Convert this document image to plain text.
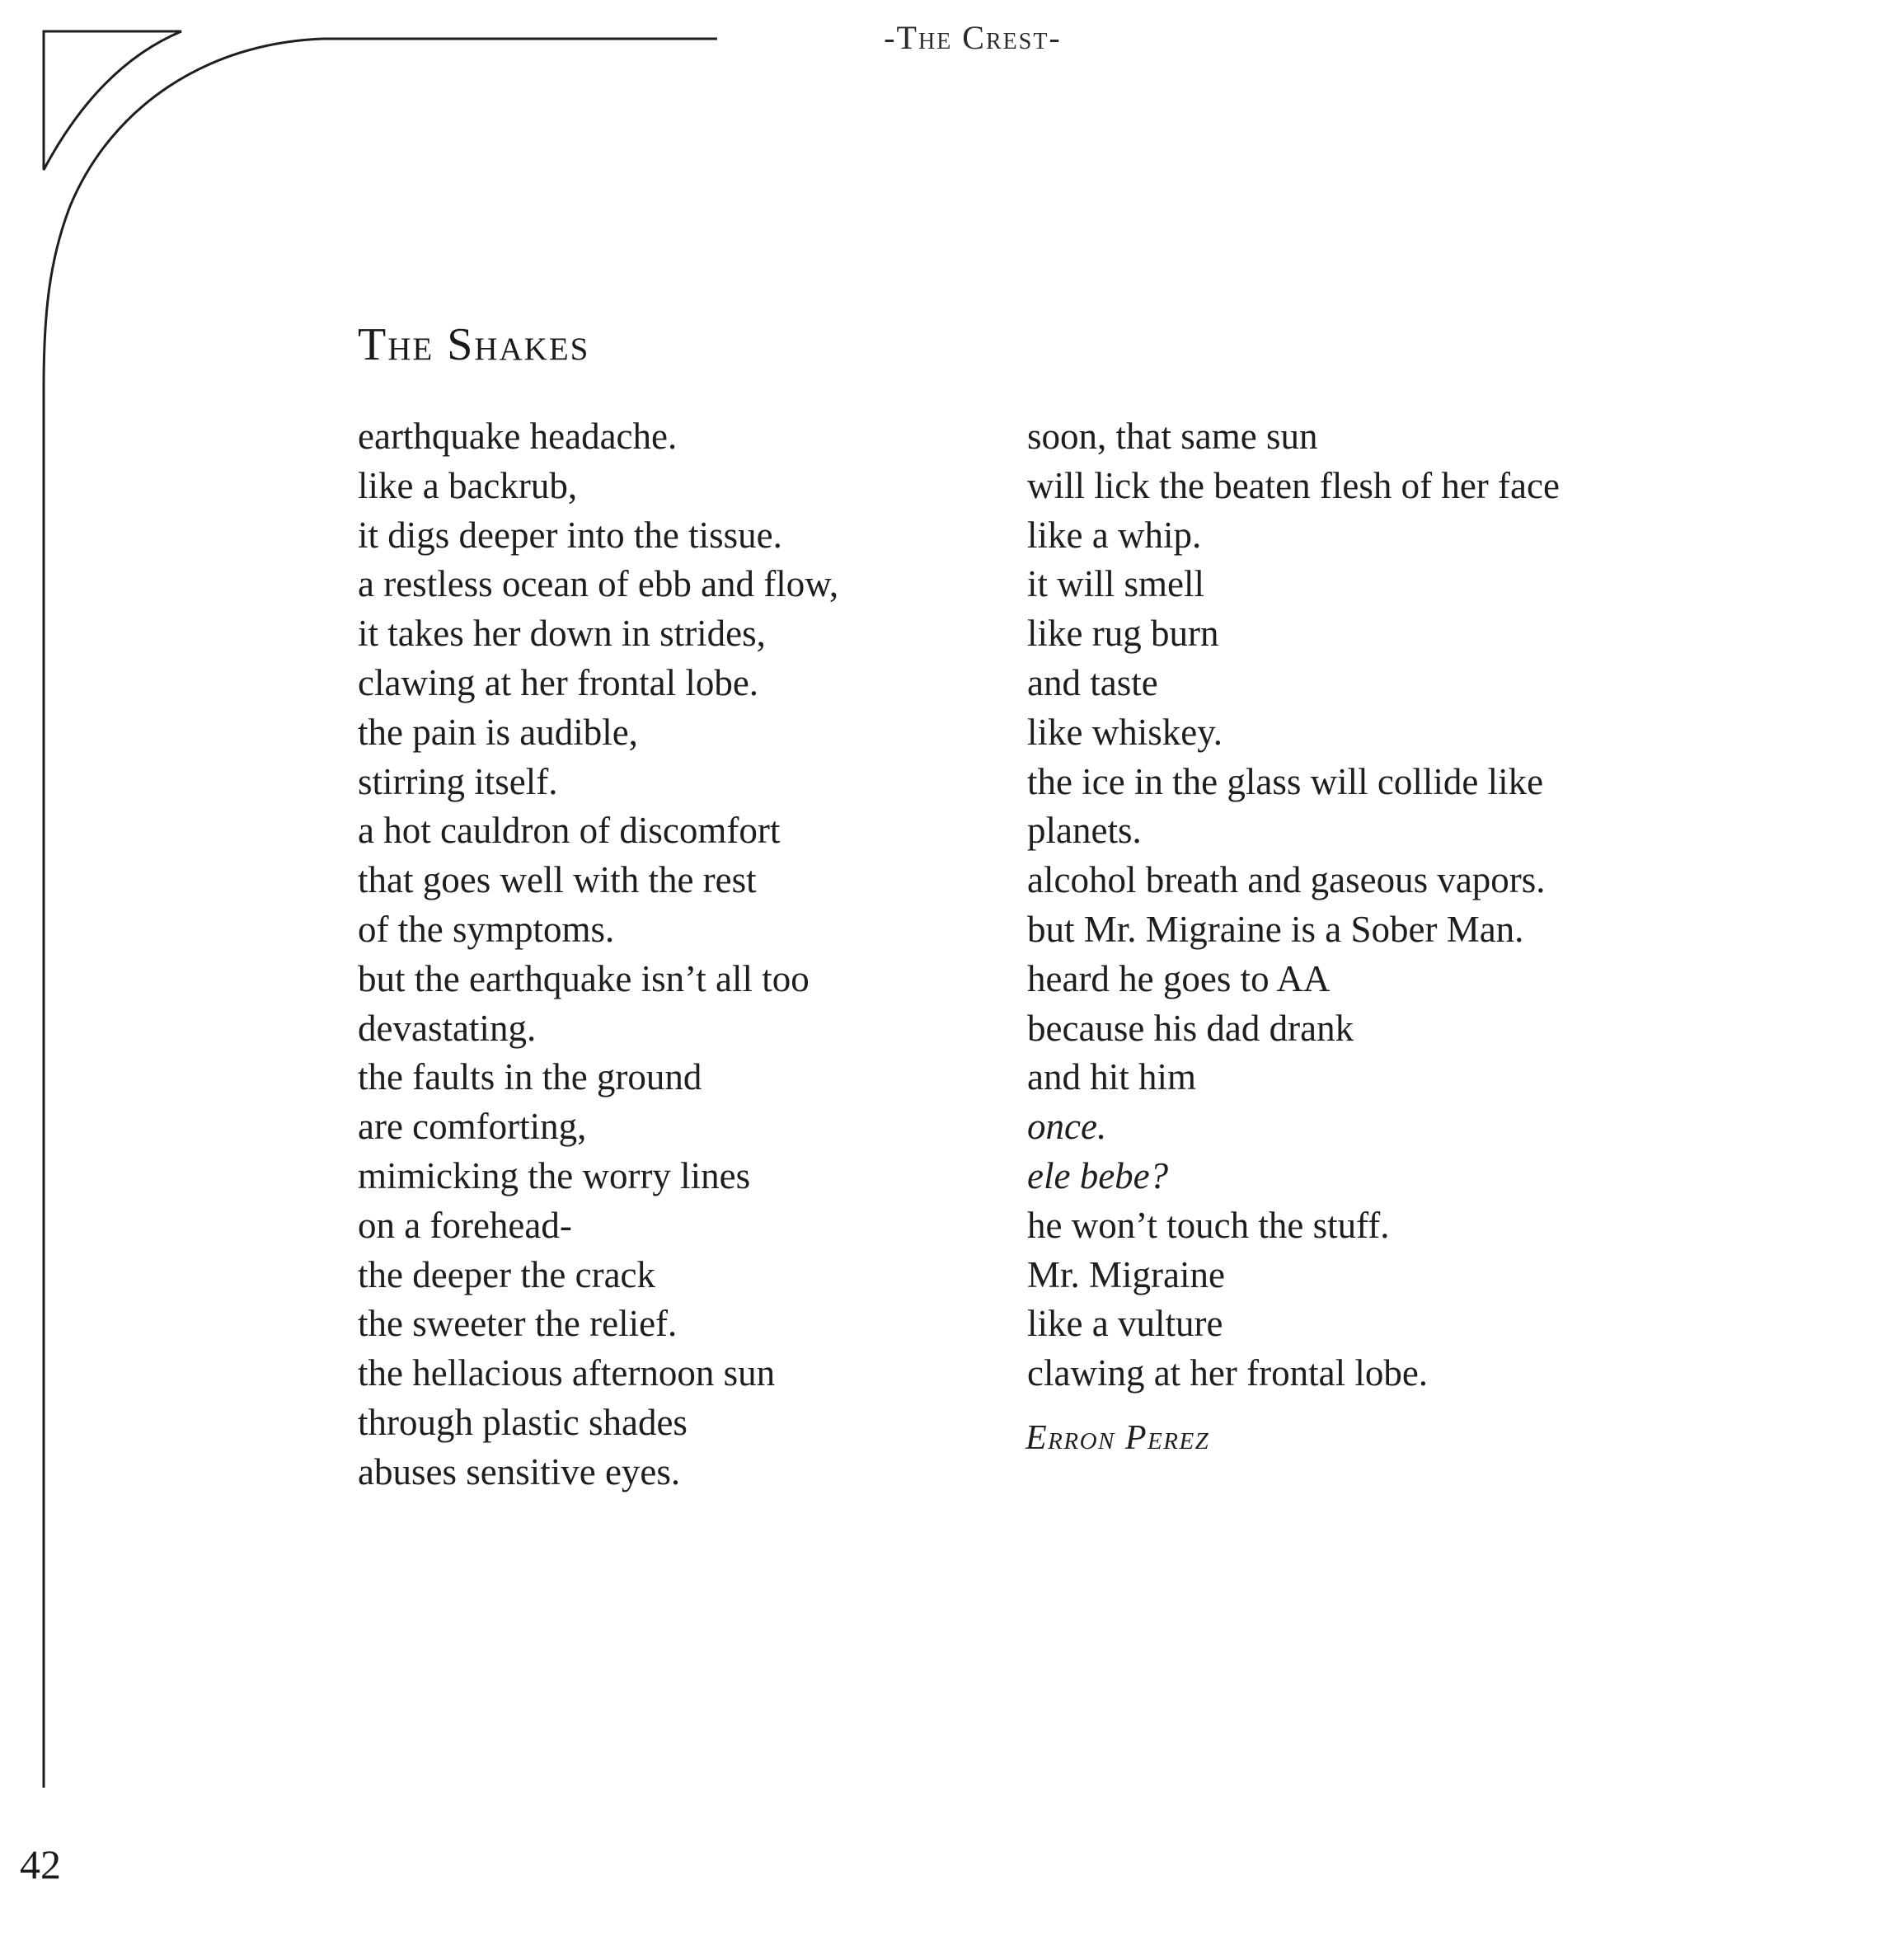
-The Crest-
The Shakes
earthquake headache.
like a backrub,
it digs deeper into the tissue.
a restless ocean of ebb and flow,
it takes her down in strides,
clawing at her frontal lobe.
the pain is audible,
stirring itself.
a hot cauldron of discomfort
that goes well with the rest
of the symptoms.
but the earthquake isn’t all too
devastating.
the faults in the ground
are comforting,
mimicking the worry lines
on a forehead-
the deeper the crack
the sweeter the relief.
the hellacious afternoon sun
through plastic shades
abuses sensitive eyes.
soon, that same sun
will lick the beaten flesh of her face
like a whip.
it will smell
like rug burn
and taste
like whiskey.
the ice in the glass will collide like
planets.
alcohol breath and gaseous vapors.
but Mr. Migraine is a Sober Man.
heard he goes to AA
because his dad drank
and hit him
once.
ele bebe?
he won’t touch the stuff.
Mr. Migraine
like a vulture
clawing at her frontal lobe.
Erron Perez
42
